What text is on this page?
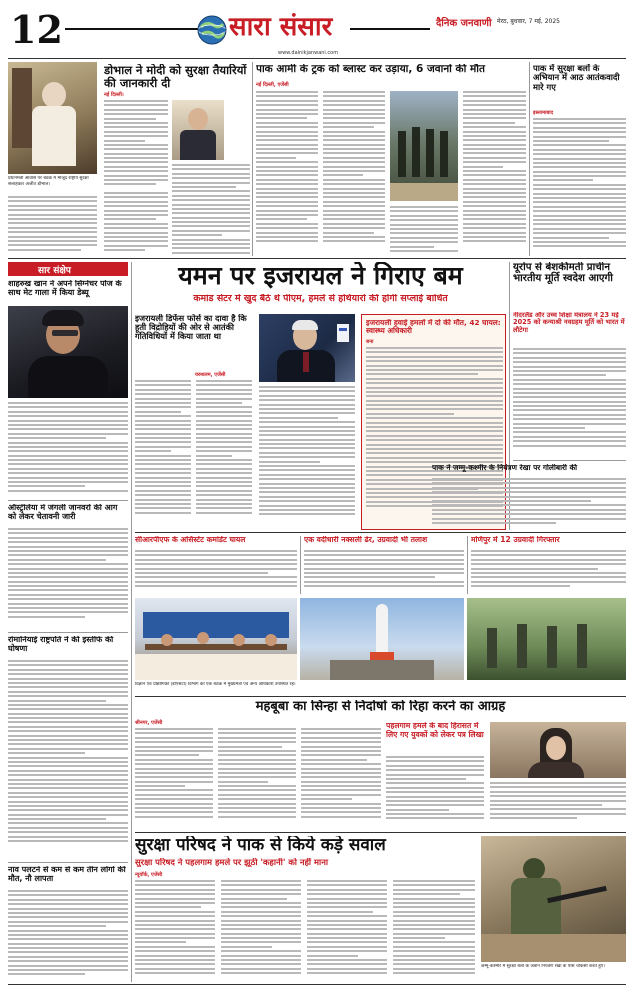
12	सारा संसार	दैनिक जनवाणी मेरठ, बुधवार, 7 मई, 2025
www.dainikjanwani.com
प्रधानमंत्री आवास पर बैठक में मौजूद राष्ट्रीय सुरक्षा सलाहकार अजीत डोभाल।
डोभाल ने मोदी को सुरक्षा तैयारियों की जानकारी दी
नई दिल्ली।
पाक आर्मी के ट्रक को ब्लास्ट कर उड़ाया, 6 जवानों की मौत
नई दिल्ली, एजेंसी
पाक में सुरक्षा बलों के अभियान में आठ आतंकवादी मारे गए
इस्लामाबाद
सार संक्षेप
शाहरुख खान ने अपने सिग्नेचर पोज के साथ मेट गाला में किया डेब्यू
ऑस्ट्रेलिया में जंगली जानवरों की आग को लेकर चेतावनी जारी
रोमानियाई राष्ट्रपति ने की इस्तीफे की घोषणा
नाव पलटने से कम से कम तीन लोगों की मौत, नौ लापता
यमन पर इजरायल ने गिराए बम
कमांड सेंटर में खुद बैठे थे पीएम, हमले से हथियारों की होगी सप्लाई बाधित
इजरायली डिफेंस फोर्स का दावा है कि हूती विद्रोहियों की ओर से आतंकी गतिविधियों में किया जाता था
यरुशलम, एजेंसी
इजरायली हवाई हमलों में दो की मौत, 42 घायल: स्वास्थ्य अधिकारी
सना
यूरोप से बेशकीमती प्राचीन भारतीय मूर्ति स्वदेश आएगी
नीदरलैंड और उच्च शिक्षा मंत्रालय ने 23 मई 2025 को कन्याश्री नवग्रहम मूर्ति को भारत में लौटेगा
पाक ने जम्मू-कश्मीर के नियंत्रण रेखा पर गोलीबारी की
सीआरपीएफ के असिस्टेंट कमांडेंट घायल	एक वर्दीधारी नक्सली ढेर, उग्रवादी भी तलाश	मणिपुर में 12 उग्रवादी गिरफ्तार
विज्ञान एवं प्रौद्योगिकी (डीएसटी) विभाग की एक बैठक में मुख्यमंत्री एवं अन्य अधिकारी उपस्थित रहे।
महबूबा का सिन्हा से निर्दोषों को रिहा करने का आग्रह
श्रीनगर, एजेंसी	पहलगाम हमले के बाद हिरासत में लिए गए युवकों को लेकर पत्र लिखा
सुरक्षा परिषद ने पाक से किये कड़े सवाल
सुरक्षा परिषद ने पहलगाम हमले पर झूठी 'कहानी' को नहीं माना
न्यूयॉर्क, एजेंसी
जम्मू-कश्मीर में सुरक्षा बलों के जवान नियंत्रण रेखा के पास चौकसी करते हुए।
